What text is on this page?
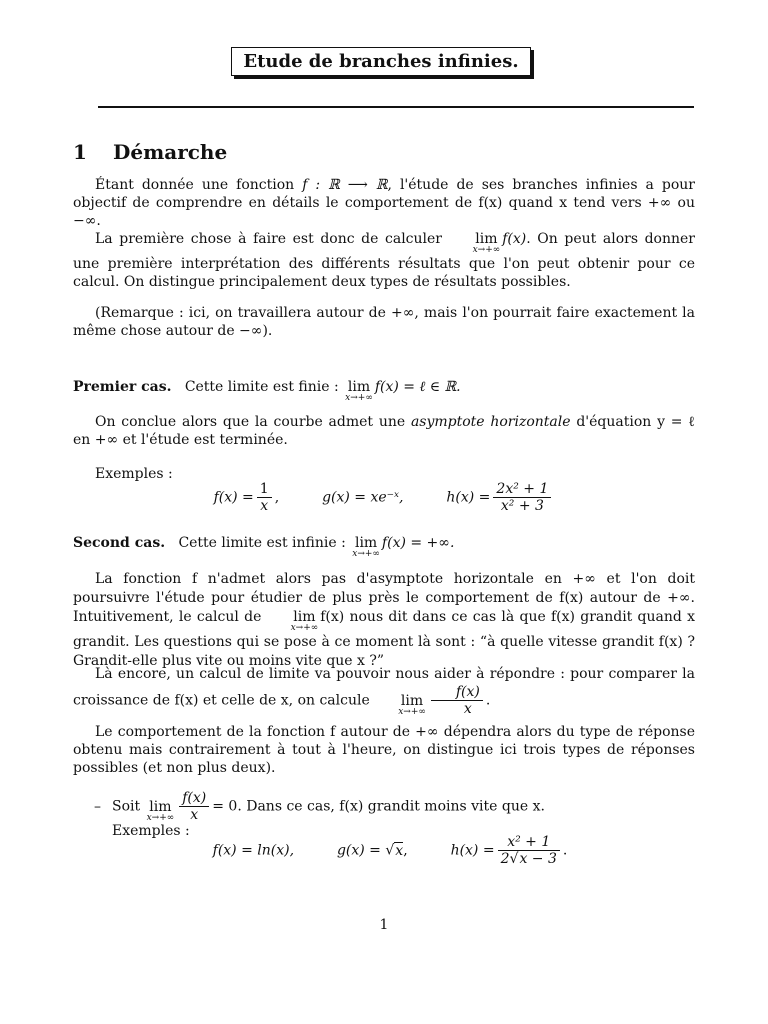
Etude de branches infinies.
1 Démarche
Étant donnée une fonction f : ℝ ⟶ ℝ, l'étude de ses branches infinies a pour objectif de comprendre en détails le comportement de f(x) quand x tend vers +∞ ou −∞.
La première chose à faire est donc de calculer lim
x→+∞
f(x). On peut alors donner une première interprétation des différents résultats que l'on peut obtenir pour ce calcul. On distingue principalement deux types de résultats possibles.
(Remarque : ici, on travaillera autour de +∞, mais l'on pourrait faire exactement la même chose autour de −∞).
Premier cas. Cette limite est finie : lim
x→+∞
f(x) = ℓ ∈ ℝ.
On conclue alors que la courbe admet une asymptote horizontale d'équation y = ℓ en +∞ et l'étude est terminée.
Exemples :
$f(x) = \frac{1}{x}$ ,	g(x) = xe⁻ˣ,	$h(x) = \frac{\text{2x² + 1}}{\text{x² + 3}}$
Second cas. Cette limite est infinie : lim
x→+∞
f(x) = +∞.
La fonction f n'admet alors pas d'asymptote horizontale en +∞ et l'on doit poursuivre l'étude pour étudier de plus près le comportement de f(x) autour de +∞. Intuitivement, le calcul de lim
x→+∞
f(x) nous dit dans ce cas là que f(x) grandit quand x grandit. Les questions qui se pose à ce moment là sont : “à quelle vitesse grandit f(x) ? Grandit-elle plus vite ou moins vite que x ?”
Là encore, un calcul de limite va pouvoir nous aider à répondre : pour comparer la croissance de f(x) et celle de x, on calcule lim
$x\to+\infty \frac{f(x)}{x}$ .
Le comportement de la fonction f autour de +∞ dépendra alors du type de réponse obtenu mais contrairement à tout à l'heure, on distingue ici trois types de réponses possibles (et non plus deux).
– Soit lim
$x\to+\infty \frac{f(x)}{x} = 0$. Dans ce cas, f(x) grandit moins vite que x.
Exemples :
f(x) = ln(x),	g(x) = √x,	$h(x) = \frac{\text{x² + 1}}{2√x - 3}$ .
1
